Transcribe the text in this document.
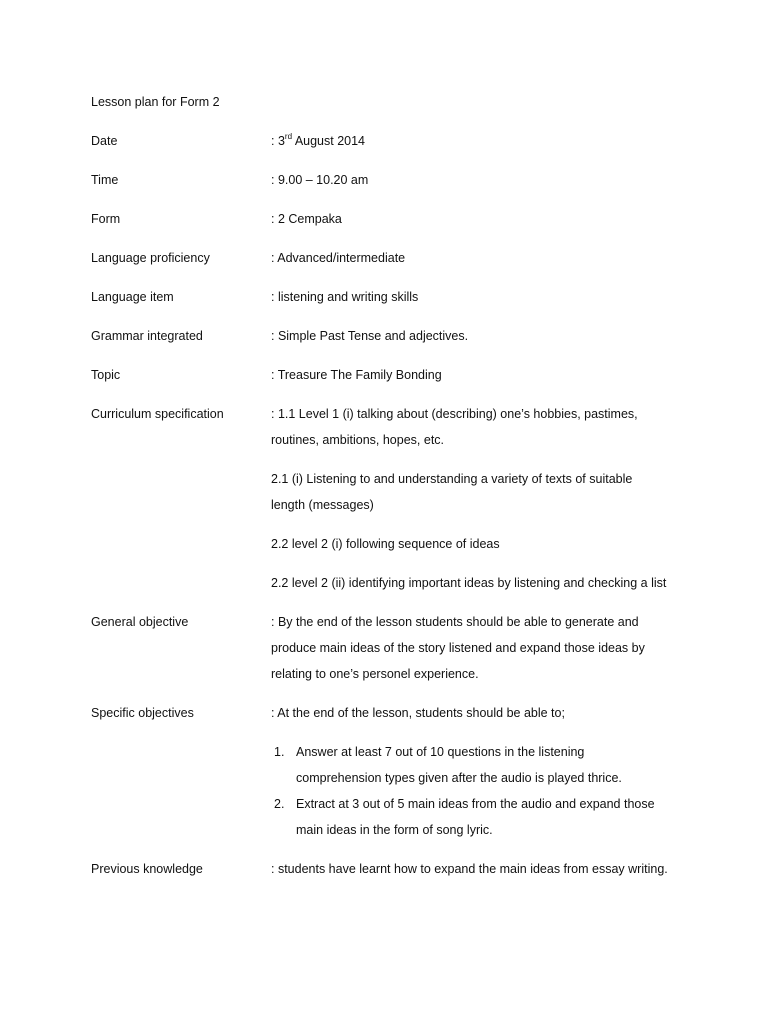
Lesson plan for Form 2
Date	: 3rd August 2014
Time	: 9.00 – 10.20 am
Form	: 2 Cempaka
Language proficiency	: Advanced/intermediate
Language item	: listening and writing skills
Grammar integrated	: Simple Past Tense and adjectives.
Topic	: Treasure The Family Bonding
Curriculum specification	: 1.1 Level 1 (i) talking about (describing) one’s hobbies, pastimes,
routines, ambitions, hopes, etc.
2.1 (i) Listening to and understanding a variety of texts of suitable
length (messages)
2.2 level 2 (i) following sequence of ideas
2.2 level 2 (ii) identifying important ideas by listening and checking a list
General objective	: By the end of the lesson students should be able to generate and
produce main ideas of the story listened and expand those ideas by
relating to one’s personel experience.
Specific objectives	: At the end of the lesson, students should be able to;
1. Answer at least 7 out of 10 questions in the listening
comprehension types given after the audio is played thrice.
2. Extract at 3 out of 5 main ideas from the audio and expand those
main ideas in the form of song lyric.
Previous knowledge	: students have learnt how to expand the main ideas from essay writing.
